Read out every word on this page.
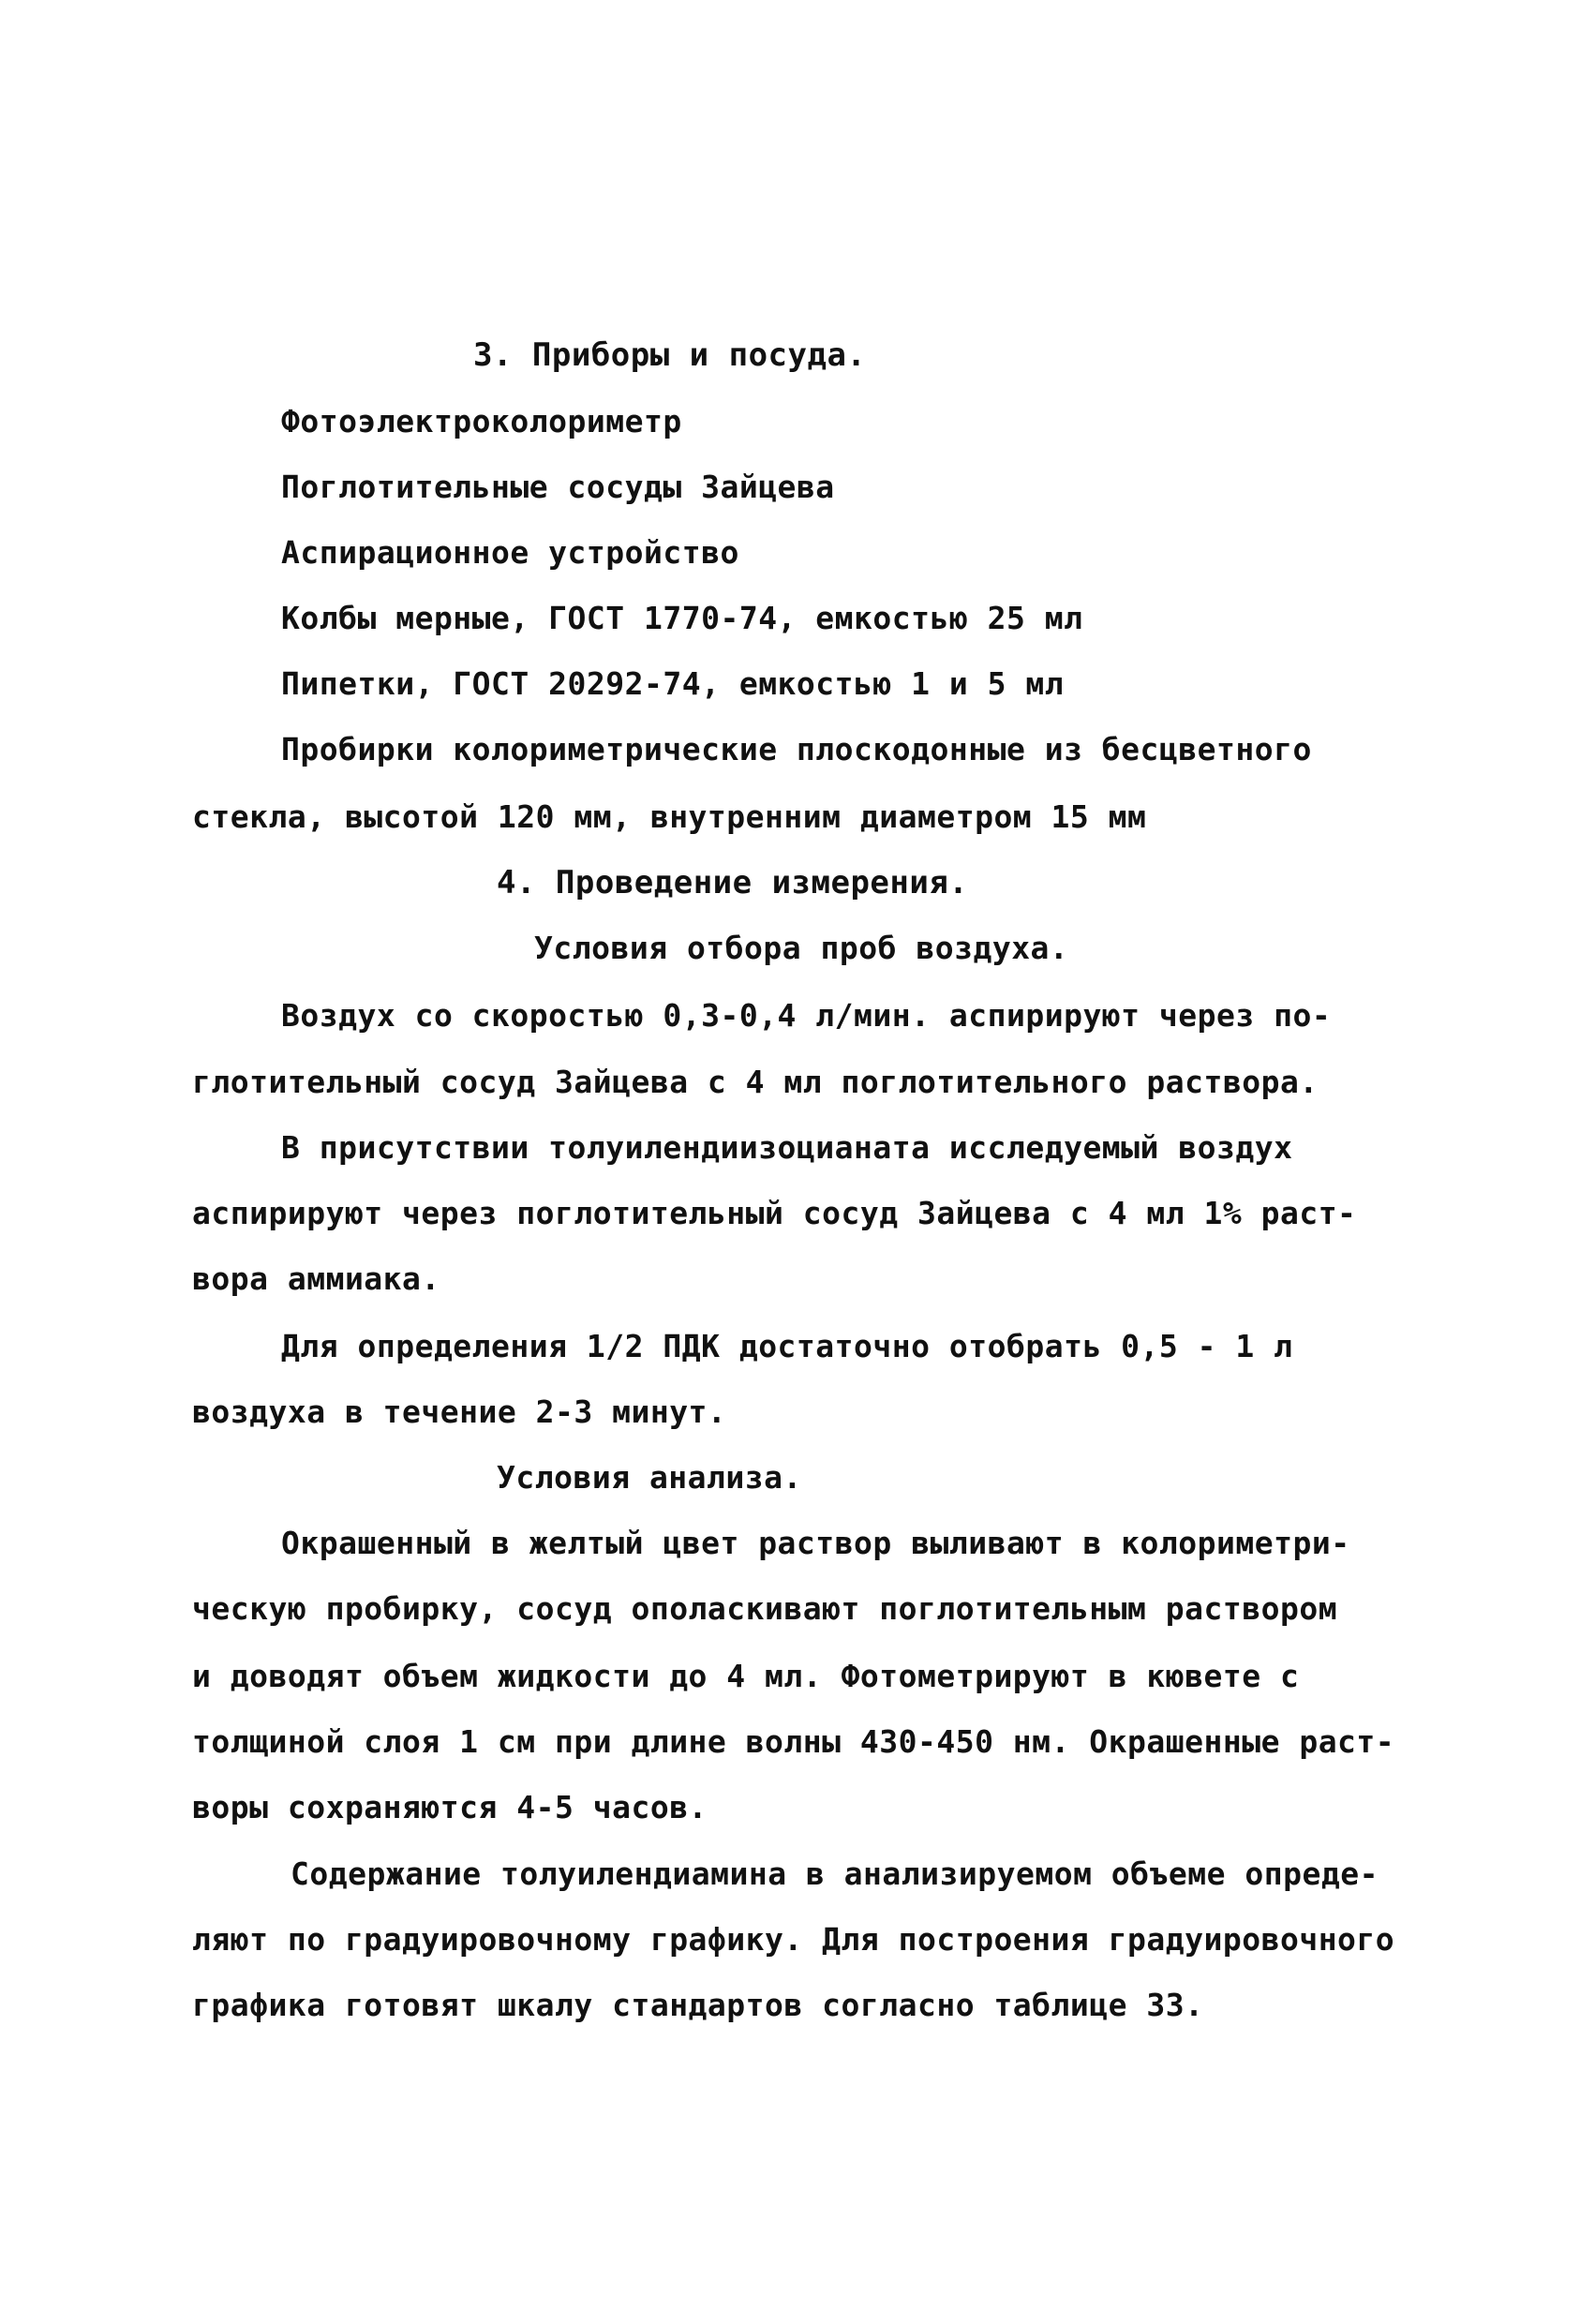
3. Приборы и посуда.
Фотоэлектроколориметр
Поглотительные сосуды Зайцева
Аспирационное устройство
Колбы мерные, ГОСТ 1770-74, емкостью 25 мл
Пипетки, ГОСТ 20292-74, емкостью 1 и 5 мл
Пробирки колориметрические плоскодонные из бесцветного
стекла, высотой 120 мм, внутренним диаметром 15 мм
4. Проведение измерения.
Условия отбора проб воздуха.
Воздух со скоростью 0,3-0,4 л/мин. аспирируют через по-
глотительный сосуд Зайцева с 4 мл поглотительного раствора.
В присутствии толуилендиизоцианата исследуемый воздух
аспирируют через поглотительный сосуд Зайцева с 4 мл 1% раст-
вора аммиака.
Для определения 1/2 ПДК достаточно отобрать 0,5 - 1 л
воздуха в течение 2-3 минут.
Условия анализа.
Окрашенный в желтый цвет раствор выливают в колориметри-
ческую пробирку, сосуд ополаскивают поглотительным раствором
и доводят объем жидкости до 4 мл. Фотометрируют в кювете с
толщиной слоя 1 см при длине волны 430-450 нм. Окрашенные раст-
воры сохраняются 4-5 часов.
Содержание толуилендиамина в анализируемом объеме опреде-
ляют по градуировочному графику. Для построения градуировочного
графика готовят шкалу стандартов согласно таблице 33.
